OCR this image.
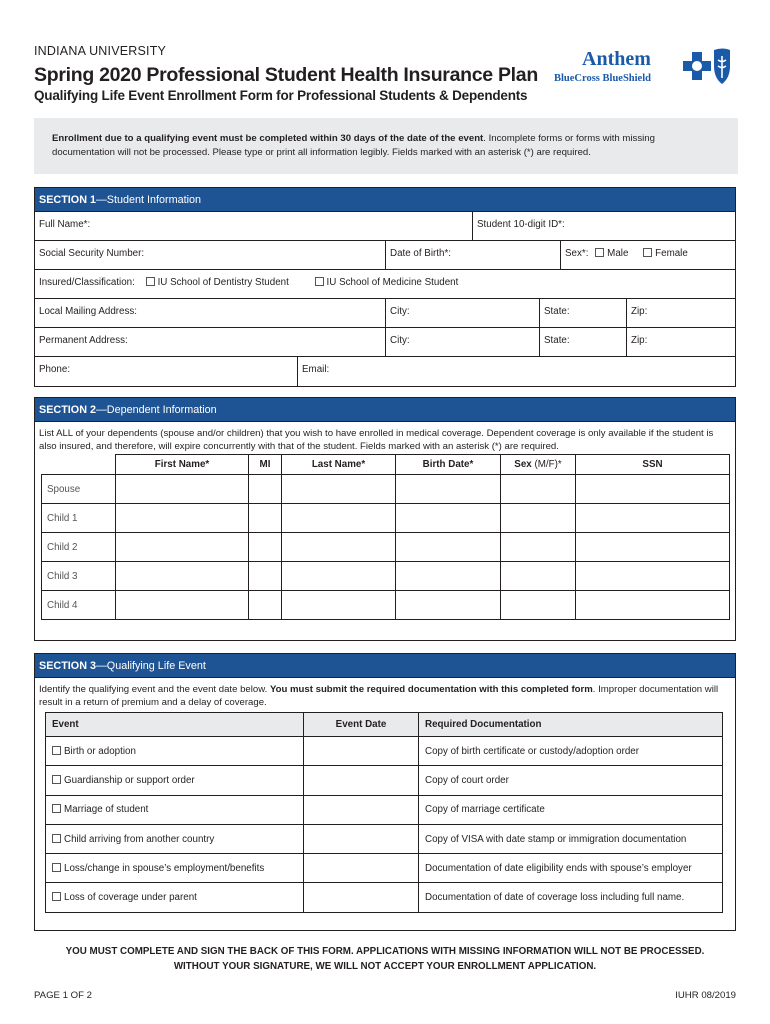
INDIANA UNIVERSITY
Spring 2020 Professional Student Health Insurance Plan
Qualifying Life Event Enrollment Form for Professional Students & Dependents
Anthem
BlueCross BlueShield
Enrollment due to a qualifying event must be completed within 30 days of the date of the event. Incomplete forms or forms with missing documentation will not be processed. Please type or print all information legibly. Fields marked with an asterisk (*) are required.
SECTION 1—Student Information
Full Name*:	Student 10-digit ID*:
Social Security Number:	Date of Birth*:	Sex*: Male	Female
Insured/Classification: IU School of Dentistry Student	IU School of Medicine Student
Local Mailing Address:	City:	State:	Zip:
Permanent Address:	City:	State:	Zip:
Phone:	Email:
SECTION 2—Dependent Information
List ALL of your dependents (spouse and/or children) that you wish to have enrolled in medical coverage. Dependent coverage is only available if the student is also insured, and therefore, will expire concurrently with that of the student. Fields marked with an asterisk (*) are required.
	First Name*	MI	Last Name*	Birth Date*	Sex (M/F)*	SSN
Spouse						
Child 1						
Child 2						
Child 3						
Child 4						
SECTION 3—Qualifying Life Event
Identify the qualifying event and the event date below. You must submit the required documentation with this completed form. Improper documentation will result in a return of premium and a delay of coverage.
Event	Event Date	Required Documentation
Birth or adoption		Copy of birth certificate or custody/adoption order
Guardianship or support order		Copy of court order
Marriage of student		Copy of marriage certificate
Child arriving from another country		Copy of VISA with date stamp or immigration documentation
Loss/change in spouse’s employment/benefits		Documentation of date eligibility ends with spouse’s employer
Loss of coverage under parent		Documentation of date of coverage loss including full name.
YOU MUST COMPLETE AND SIGN THE BACK OF THIS FORM. APPLICATIONS WITH MISSING INFORMATION WILL NOT BE PROCESSED.
WITHOUT YOUR SIGNATURE, WE WILL NOT ACCEPT YOUR ENROLLMENT APPLICATION.
PAGE 1 OF 2	IUHR 08/2019
